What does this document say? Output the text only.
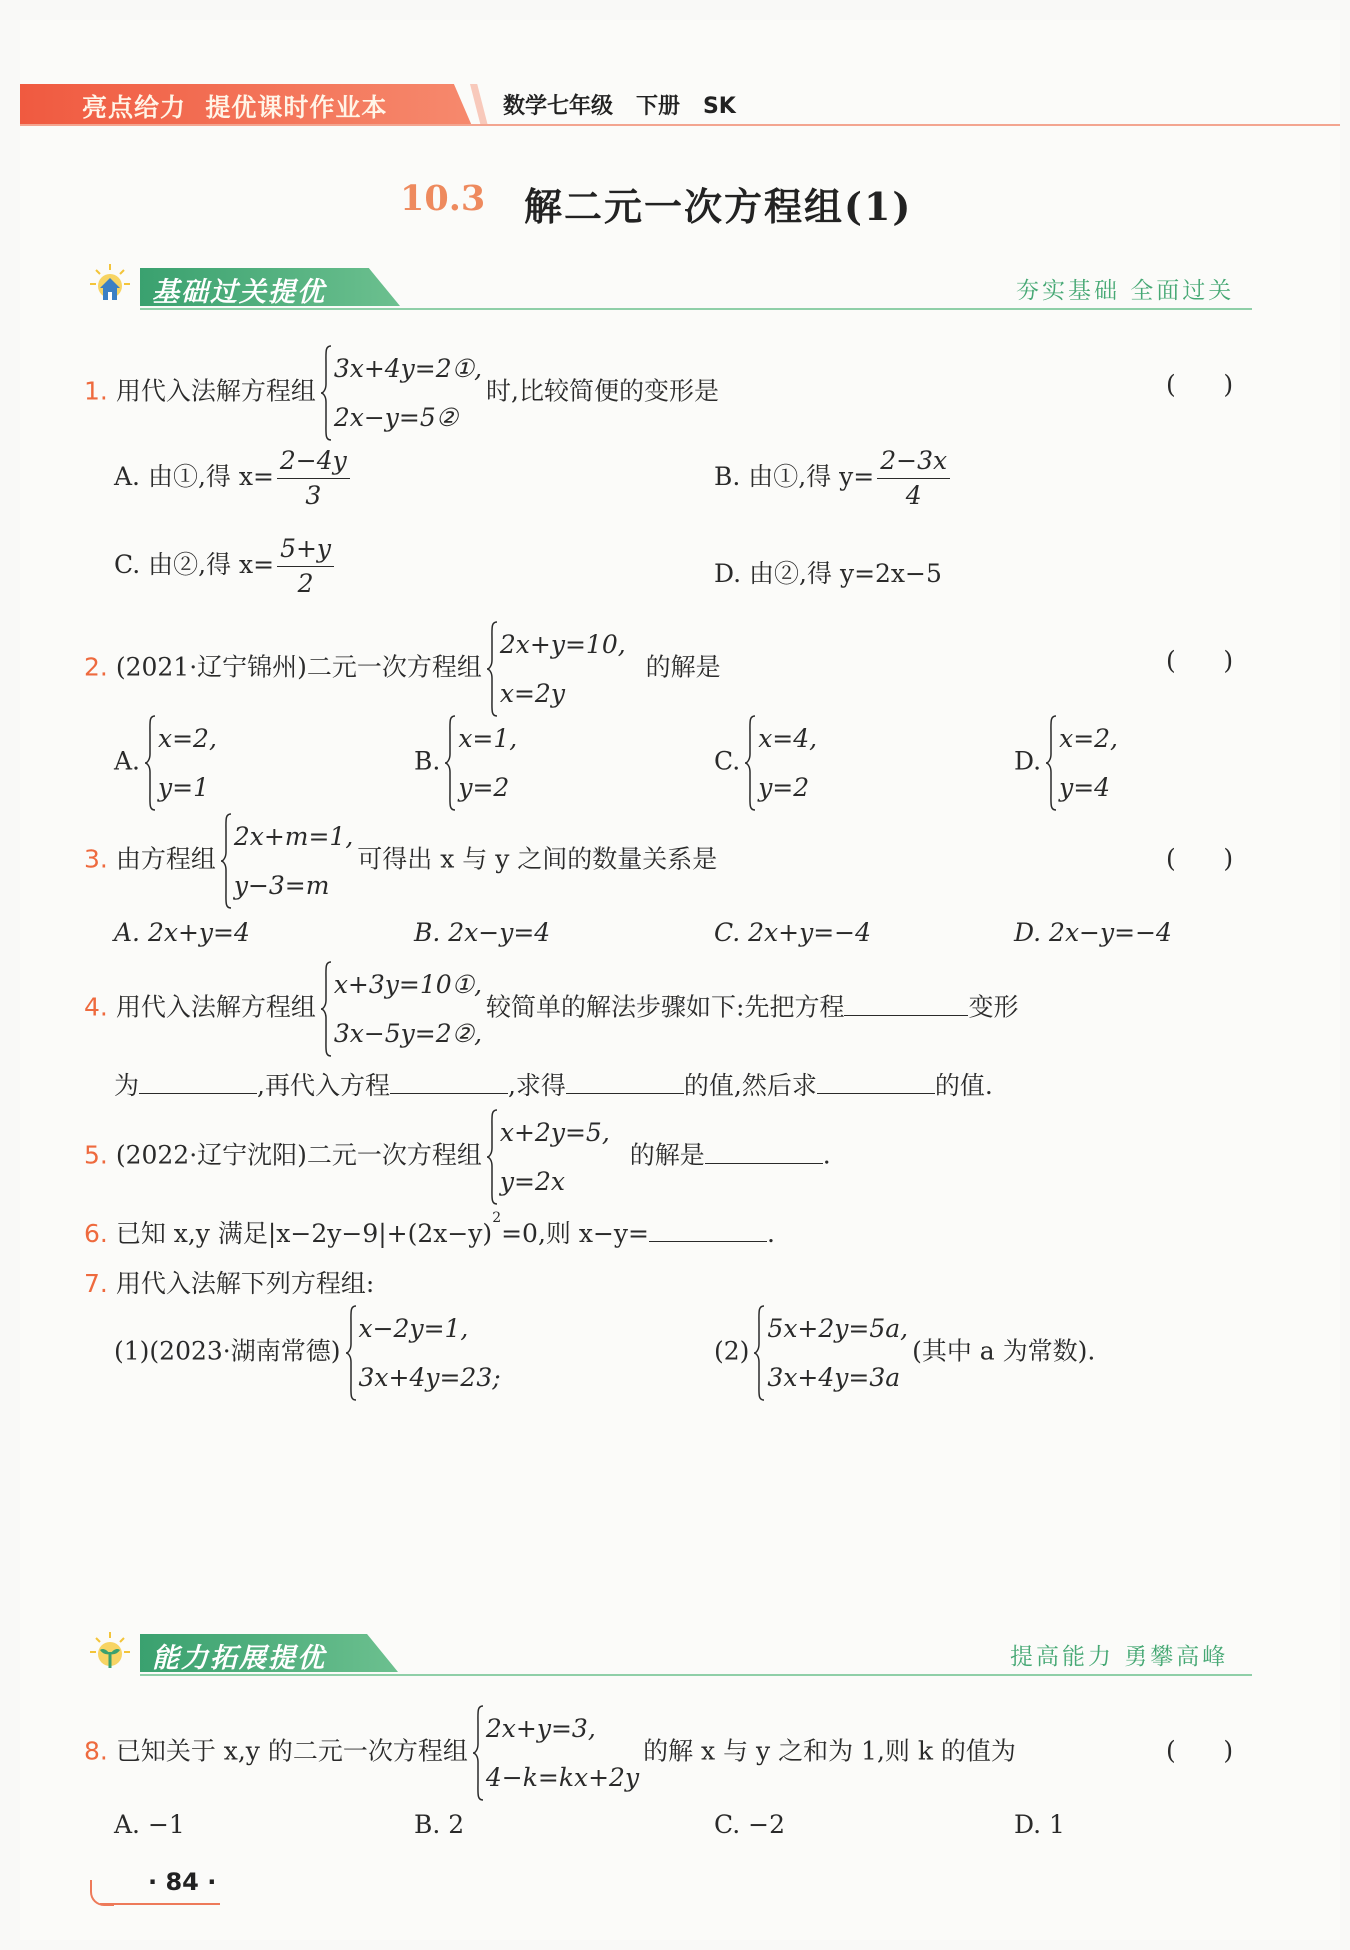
亮点给力  提优课时作业本	数学七年级   下册   SK
10.3 解二元一次方程组(1)
基础过关提优	夯实基础 全面过关
1. 用代入法解方程组
3x+4y=2①,
2x−y=5②
时,比较简便的变形是	(      )
A. 由①,得 $x= \frac{2-4y}{3}$	B. 由①,得 $y= \frac{2-3x}{4}$
C. 由②,得 $x= \frac{5+y}{2}$	D. 由②,得 y=2x−5
2. (2021·辽宁锦州)二元一次方程组
2x+y=10,
x=2y
的解是	(      )
A.
x=2,
y=1
B.
x=1,
y=2
C.
x=4,
y=2
D.
x=2,
y=4
3. 由方程组
2x+m=1,
y−3=m
可得出 x 与 y 之间的数量关系是	(      )
A. 2x+y=4	B. 2x−y=4	C. 2x+y=−4	D. 2x−y=−4
4. 用代入法解方程组
x+3y=10①,
3x−5y=2②,
较简单的解法步骤如下:先把方程	变形
为	,再代入方程	,求得	的值,然后求	的值.
5. (2022·辽宁沈阳)二元一次方程组
x+2y=5,
y=2x
的解是	.
6. 已知 x,y 满足$|x-2y-9|+(2x-y)^2=0$,则 x−y=	.
7. 用代入法解下列方程组:
(1)(2023·湖南常德)
x−2y=1,
3x+4y=23;
(2)
5x+2y=5a,
3x+4y=3a
(其中 a 为常数).
能力拓展提优	提高能力 勇攀高峰
8. 已知关于 x,y 的二元一次方程组
2x+y=3,
4−k=kx+2y
的解 x 与 y 之和为 1,则 k 的值为	(      )
A. −1	B. 2	C. −2	D. 1
· 84 ·
